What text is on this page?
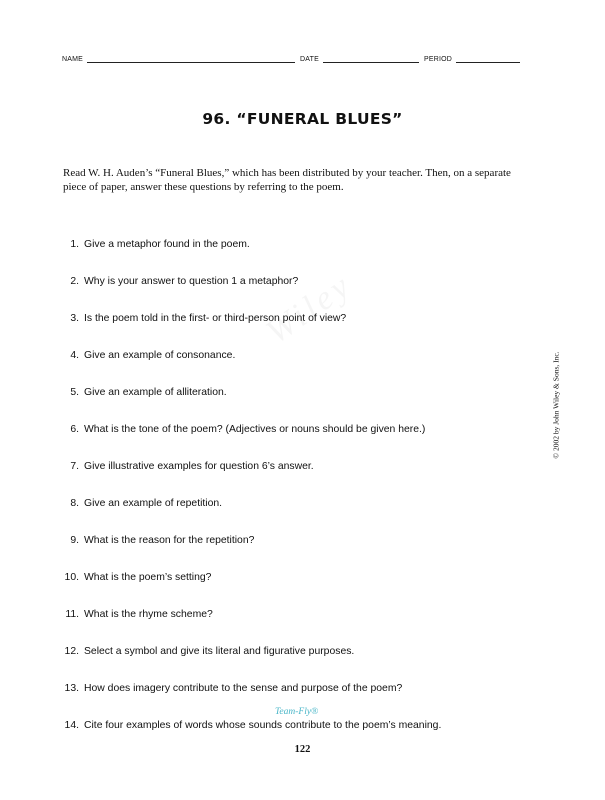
NAME	DATE	PERIOD
96. “FUNERAL BLUES”
Read W. H. Auden’s “Funeral Blues,” which has been distributed by your teacher. Then, on a separate piece of paper, answer these questions by referring to the poem.
1. Give a metaphor found in the poem.
2. Why is your answer to question 1 a metaphor?
3. Is the poem told in the first- or third-person point of view?
4. Give an example of consonance.
5. Give an example of alliteration.
6. What is the tone of the poem? (Adjectives or nouns should be given here.)
7. Give illustrative examples for question 6’s answer.
8. Give an example of repetition.
9. What is the reason for the repetition?
10. What is the poem’s setting?
11. What is the rhyme scheme?
12. Select a symbol and give its literal and figurative purposes.
13. How does imagery contribute to the sense and purpose of the poem?
14. Cite four examples of words whose sounds contribute to the poem’s meaning.
© 2002 by John Wiley & Sons, Inc.
Team-Fly®
122
